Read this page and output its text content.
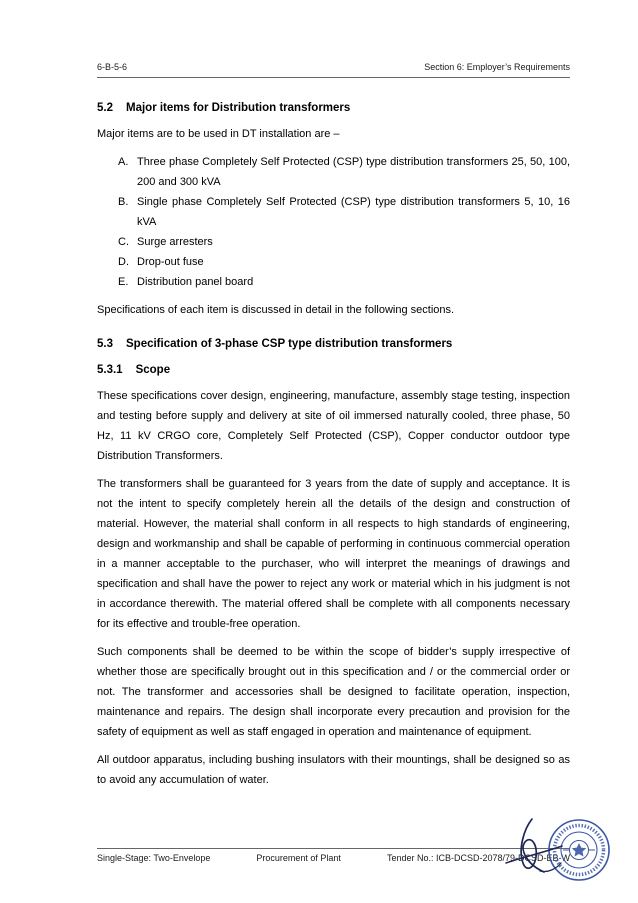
6-B-5-6	Section 6: Employer’s Requirements
5.2 Major items for Distribution transformers

Major items are to be used in DT installation are –

A. Three phase Completely Self Protected (CSP) type distribution transformers 25, 50, 100, 200 and 300 kVA
B. Single phase Completely Self Protected (CSP) type distribution transformers 5, 10, 16 kVA
C. Surge arresters
D. Drop-out fuse
E. Distribution panel board

Specifications of each item is discussed in detail in the following sections.

5.3 Specification of 3-phase CSP type distribution transformers
5.3.1 Scope

These specifications cover design, engineering, manufacture, assembly stage testing, inspection and testing before supply and delivery at site of oil immersed naturally cooled, three phase, 50 Hz, 11 kV CRGO core, Completely Self Protected (CSP), Copper conductor outdoor type Distribution Transformers.

The transformers shall be guaranteed for 3 years from the date of supply and acceptance. It is not the intent to specify completely herein all the details of the design and construction of material. However, the material shall conform in all respects to high standards of engineering, design and workmanship and shall be capable of performing in continuous commercial operation in a manner acceptable to the purchaser, who will interpret the meanings of drawings and specification and shall have the power to reject any work or material which in his judgment is not in accordance therewith. The material offered shall be complete with all components necessary for its effective and trouble-free operation.

Such components shall be deemed to be within the scope of bidder’s supply irrespective of whether those are specifically brought out in this specification and / or the commercial order or not. The transformer and accessories shall be designed to facilitate operation, inspection, maintenance and repairs. The design shall incorporate every precaution and provision for the safety of equipment as well as staff engaged in operation and maintenance of equipment.

All outdoor apparatus, including bushing insulators with their mountings, shall be designed so as to avoid any accumulation of water.

Single-Stage: Two-Envelope	Procurement of Plant	Tender No.: ICB-DCSD-2078/79-DCSD-EB-W
